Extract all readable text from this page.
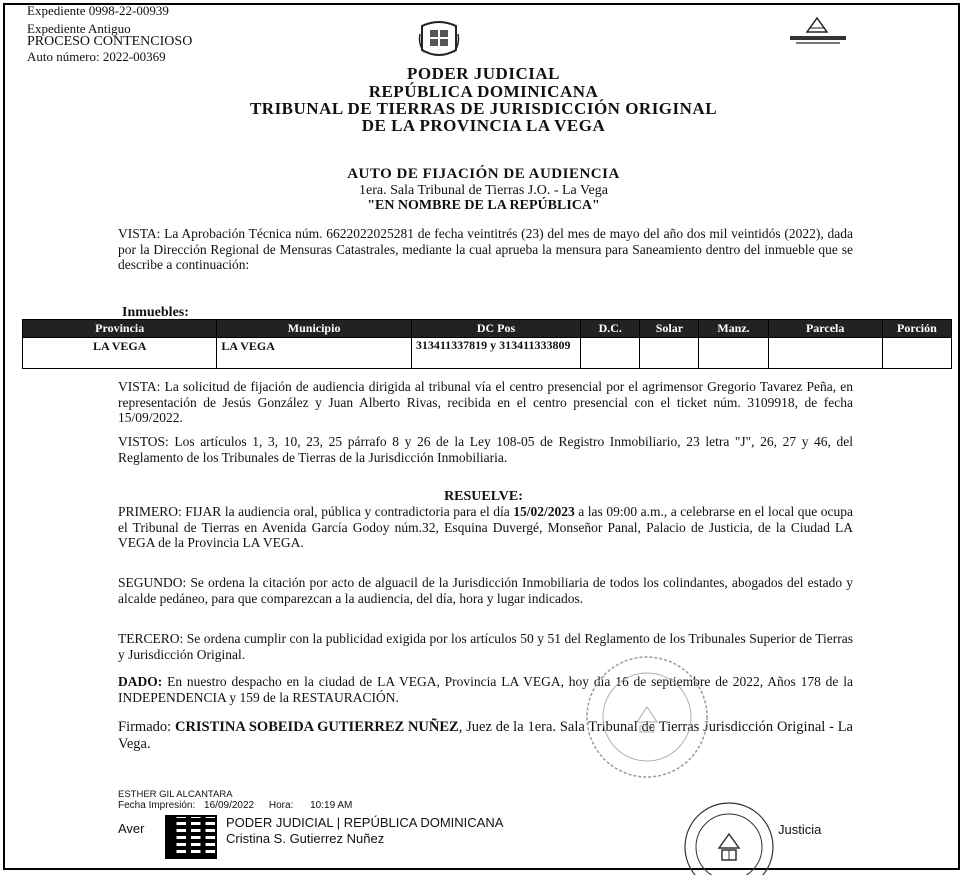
Expediente 0998-22-00939
Expediente Antiguo
PROCESO CONTENCIOSO
Auto número: 2022-00369
PODER JUDICIAL
REPÚBLICA DOMINICANA
TRIBUNAL DE TIERRAS DE JURISDICCIÓN ORIGINAL
DE LA PROVINCIA LA VEGA
AUTO DE FIJACIÓN DE AUDIENCIA
1era. Sala Tribunal de Tierras J.O. - La Vega
"EN NOMBRE DE LA REPÚBLICA"
VISTA: La Aprobación Técnica núm. 6622022025281 de fecha veintitrés (23) del mes de mayo del año dos mil veintidós (2022), dada por la Dirección Regional de Mensuras Catastrales, mediante la cual aprueba la mensura para Saneamiento dentro del inmueble que se describe a continuación:
Inmuebles:
Provincia	Municipio	DC Pos	D.C.	Solar	Manz.	Parcela	Porción
LA VEGA	LA VEGA	313411337819 y 313411333809					
VISTA: La solicitud de fijación de audiencia dirigida al tribunal vía el centro presencial por el agrimensor Gregorio Tavarez Peña, en representación de Jesús González y Juan Alberto Rivas, recibida en el centro presencial con el ticket núm. 3109918, de fecha 15/09/2022.
VISTOS: Los artículos 1, 3, 10, 23, 25 párrafo 8 y 26 de la Ley 108-05 de Registro Inmobiliario, 23 letra "J", 26, 27 y 46, del Reglamento de los Tribunales de Tierras de la Jurisdicción Inmobiliaria.
RESUELVE:
PRIMERO: FIJAR la audiencia oral, pública y contradictoria para el día 15/02/2023 a las 09:00 a.m., a celebrarse en el local que ocupa el Tribunal de Tierras en Avenida García Godoy núm.32, Esquina Duvergé, Monseñor Panal, Palacio de Justicia, de la Ciudad LA VEGA de la Provincia LA VEGA.
SEGUNDO: Se ordena la citación por acto de alguacil de la Jurisdicción Inmobiliaria de todos los colindantes, abogados del estado y alcalde pedáneo, para que comparezcan a la audiencia, del día, hora y lugar indicados.
TERCERO: Se ordena cumplir con la publicidad exigida por los artículos 50 y 51 del Reglamento de los Tribunales Superior de Tierras y Jurisdicción Original.
DADO: En nuestro despacho en la ciudad de LA VEGA, Provincia LA VEGA, hoy día 16 de septiembre de 2022, Años 178 de la INDEPENDENCIA y 159 de la RESTAURACIÓN.
Firmado: CRISTINA SOBEIDA GUTIERREZ NUÑEZ, Juez de la 1era. Sala Tribunal de Tierras Jurisdicción Original - La Vega.
ESTHER GIL ALCANTARA
Fecha Impresión: 16/09/2022 Hora: 10:19 AM
Aver	PODER JUDICIAL | REPÚBLICA DOMINICANA
Cristina S. Gutierrez Nuñez
Justicia
